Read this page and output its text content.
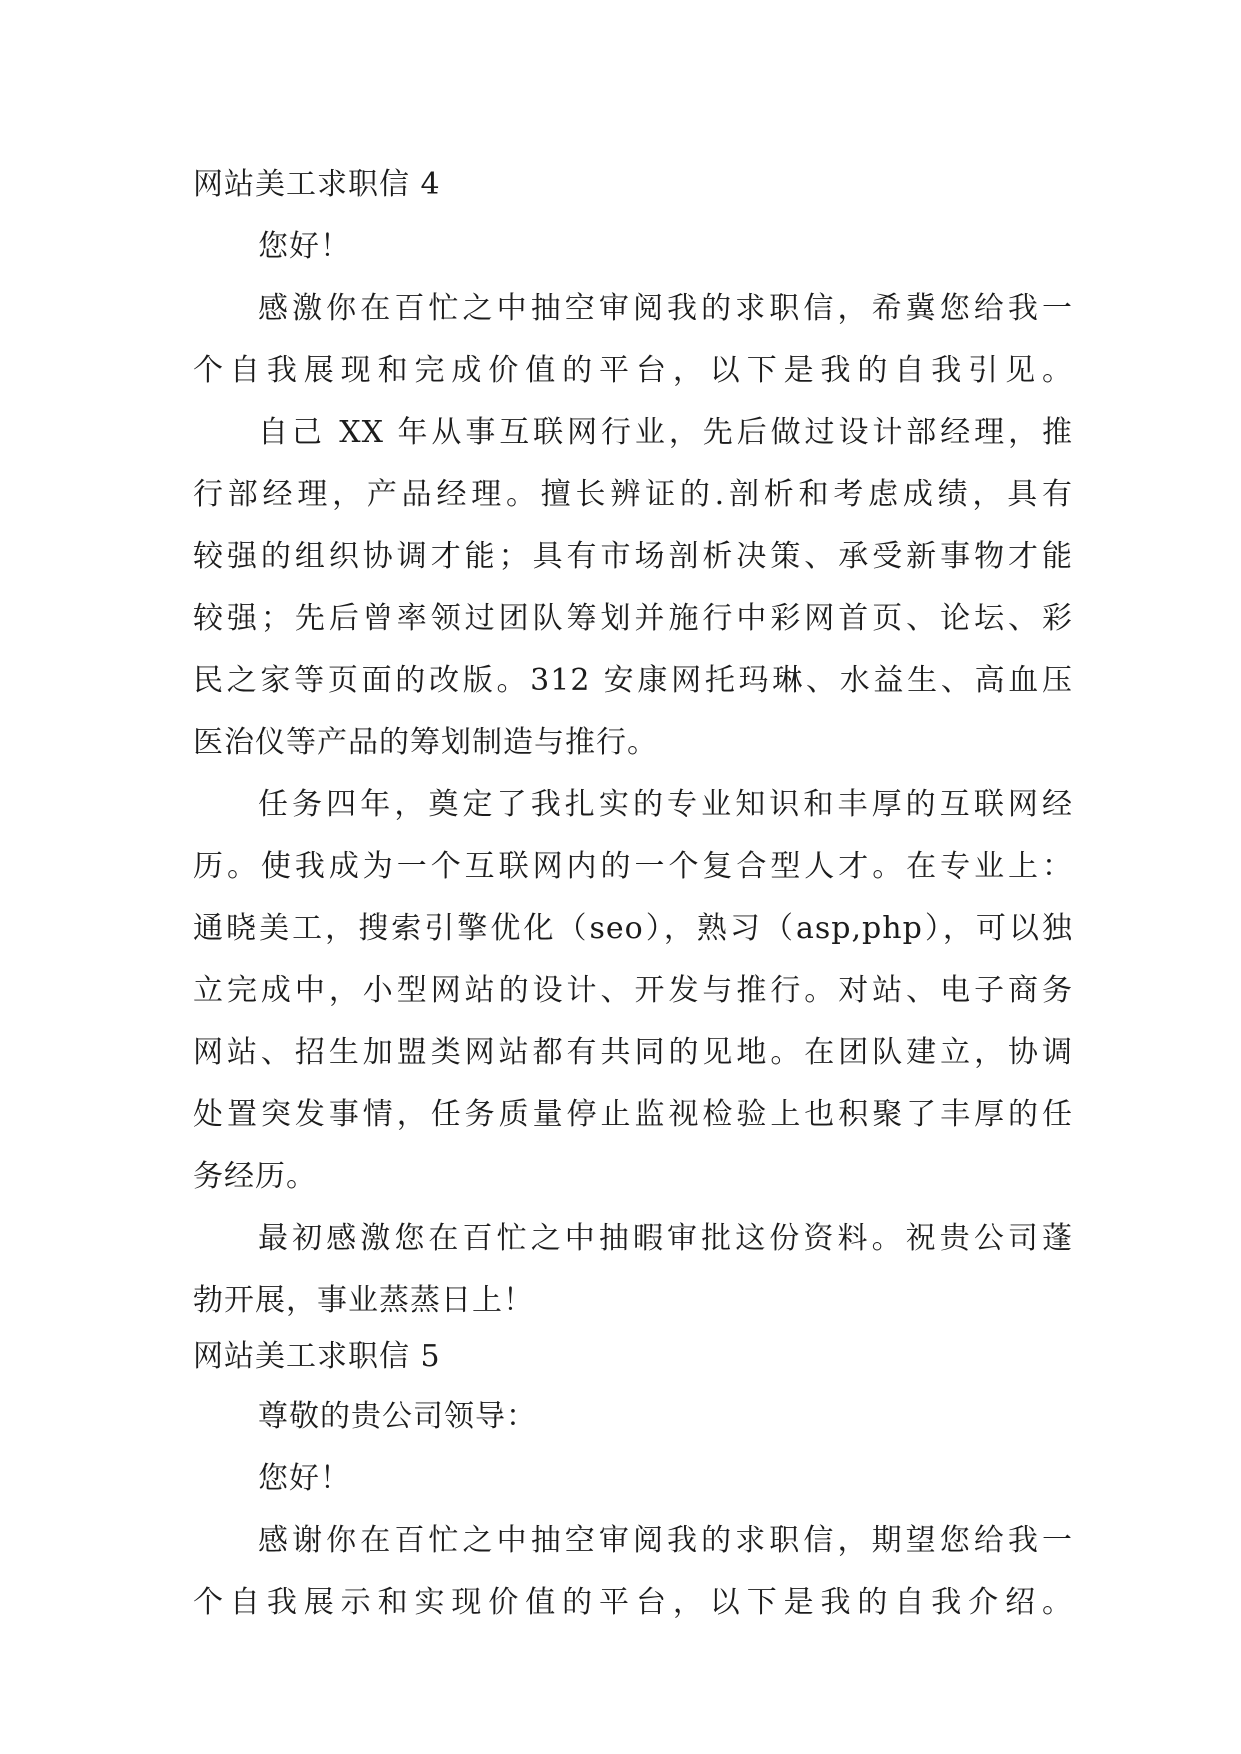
网站美工求职信 4
您好！
感激你在百忙之中抽空审阅我的求职信，希冀您给我一
个自我展现和完成价值的平台，以下是我的自我引见。
自己 XX 年从事互联网行业，先后做过设计部经理，推
行部经理，产品经理。擅长辨证的.剖析和考虑成绩，具有
较强的组织协调才能；具有市场剖析决策、承受新事物才能
较强；先后曾率领过团队筹划并施行中彩网首页、论坛、彩
民之家等页面的改版。312 安康网托玛琳、水益生、高血压
医治仪等产品的筹划制造与推行。
任务四年，奠定了我扎实的专业知识和丰厚的互联网经
历。使我成为一个互联网内的一个复合型人才。在专业上：
通晓美工，搜索引擎优化（seo），熟习（asp,php），可以独
立完成中，小型网站的设计、开发与推行。对站、电子商务
网站、招生加盟类网站都有共同的见地。在团队建立，协调
处置突发事情，任务质量停止监视检验上也积聚了丰厚的任
务经历。
最初感激您在百忙之中抽暇审批这份资料。祝贵公司蓬
勃开展，事业蒸蒸日上！
网站美工求职信 5
尊敬的贵公司领导：
您好！
感谢你在百忙之中抽空审阅我的求职信，期望您给我一
个自我展示和实现价值的平台，以下是我的自我介绍。
